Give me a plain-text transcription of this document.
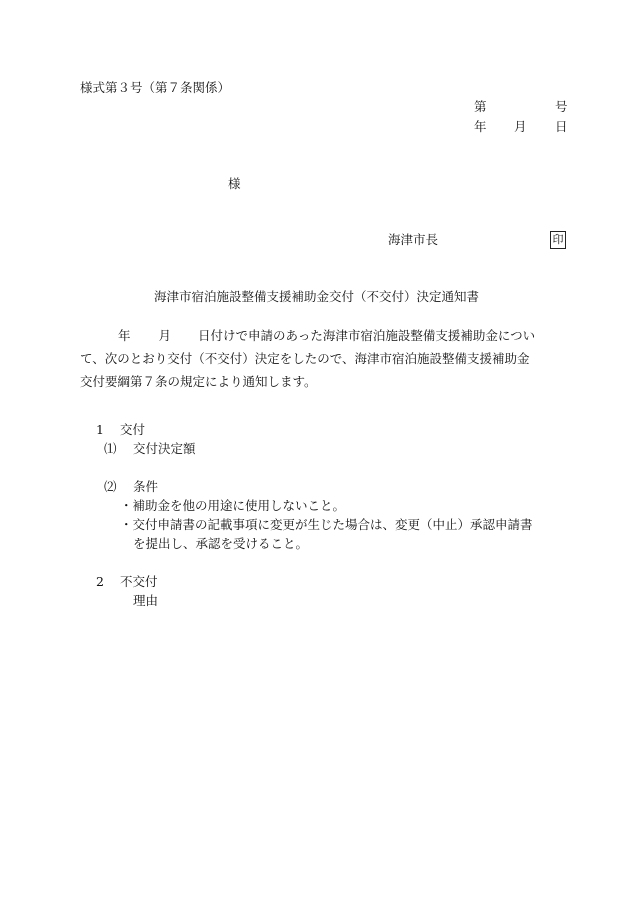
様式第３号（第７条関係）
第	号
年 月 日
様
海津市長	印
海津市宿泊施設整備支援補助金交付（不交付）決定通知書

年 月 日付けで申請のあった海津市宿泊施設整備支援補助金につい

て、次のとおり交付（不交付）決定をしたので、海津市宿泊施設整備支援補助金

交付要綱第７条の規定により通知します。

1 交付
⑴ 交付決定額
⑵ 条件
・補助金を他の用途に使用しないこと。
・交付申請書の記載事項に変更が生じた場合は、変更（中止）承認申請書
を提出し、承認を受けること。
2 不交付
理由
